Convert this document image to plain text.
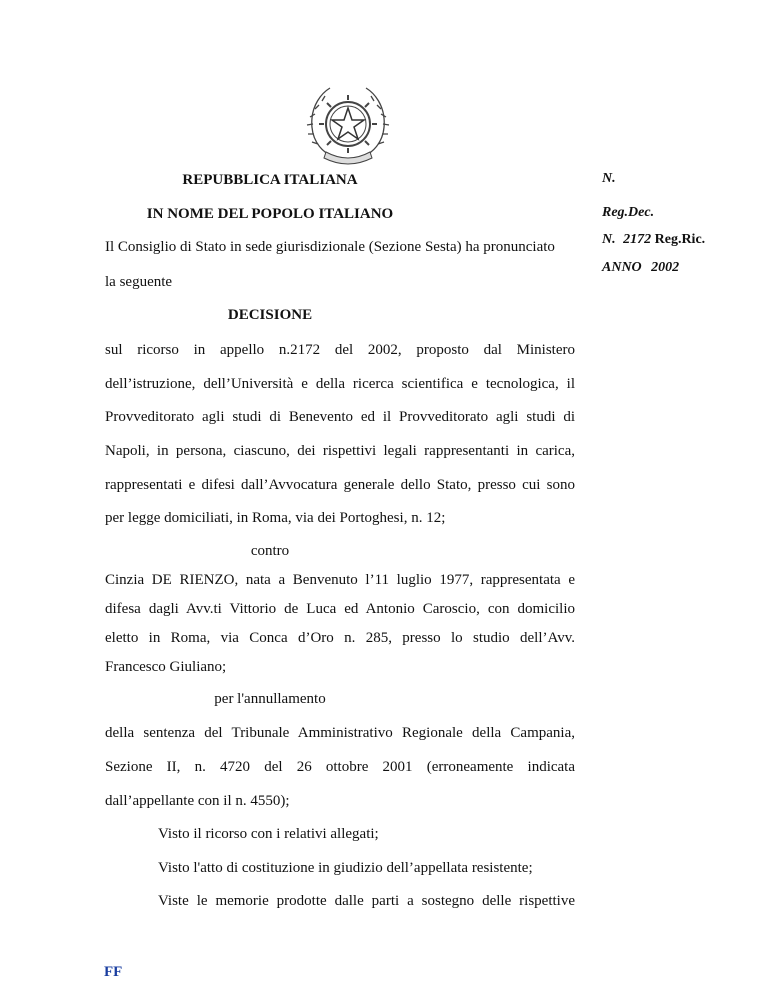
REPUBBLICA ITALIANA
IN NOME DEL POPOLO ITALIANO
Il Consiglio di Stato in sede giurisdizionale (Sezione Sesta) ha pronunciato
la seguente
DECISIONE
N.
Reg.Dec.
N. 2172 Reg.Ric.
ANNO 2002
sul ricorso in appello n.2172 del 2002, proposto dal Ministero
dell’istruzione, dell’Università e della ricerca scientifica e tecnologica, il
Provveditorato agli studi di Benevento ed il Provveditorato agli studi di
Napoli, in persona, ciascuno, dei rispettivi legali rappresentanti in carica,
rappresentati e difesi dall’Avvocatura generale dello Stato, presso cui sono
per legge domiciliati, in Roma, via dei Portoghesi, n. 12;
contro
Cinzia DE RIENZO, nata a Benvenuto l’11 luglio 1977, rappresentata e
difesa dagli Avv.ti Vittorio de Luca ed Antonio Caroscio, con domicilio
eletto in Roma, via Conca d’Oro n. 285, presso lo studio dell’Avv.
Francesco Giuliano;
per l'annullamento
della sentenza del Tribunale Amministrativo Regionale della Campania,
Sezione II, n. 4720 del 26 ottobre 2001 (erroneamente indicata
dall’appellante con il n. 4550);
Visto il ricorso con i relativi allegati;
Visto l'atto di costituzione in giudizio dell’appellata resistente;
Viste le memorie prodotte dalle parti a sostegno delle rispettive
FF
